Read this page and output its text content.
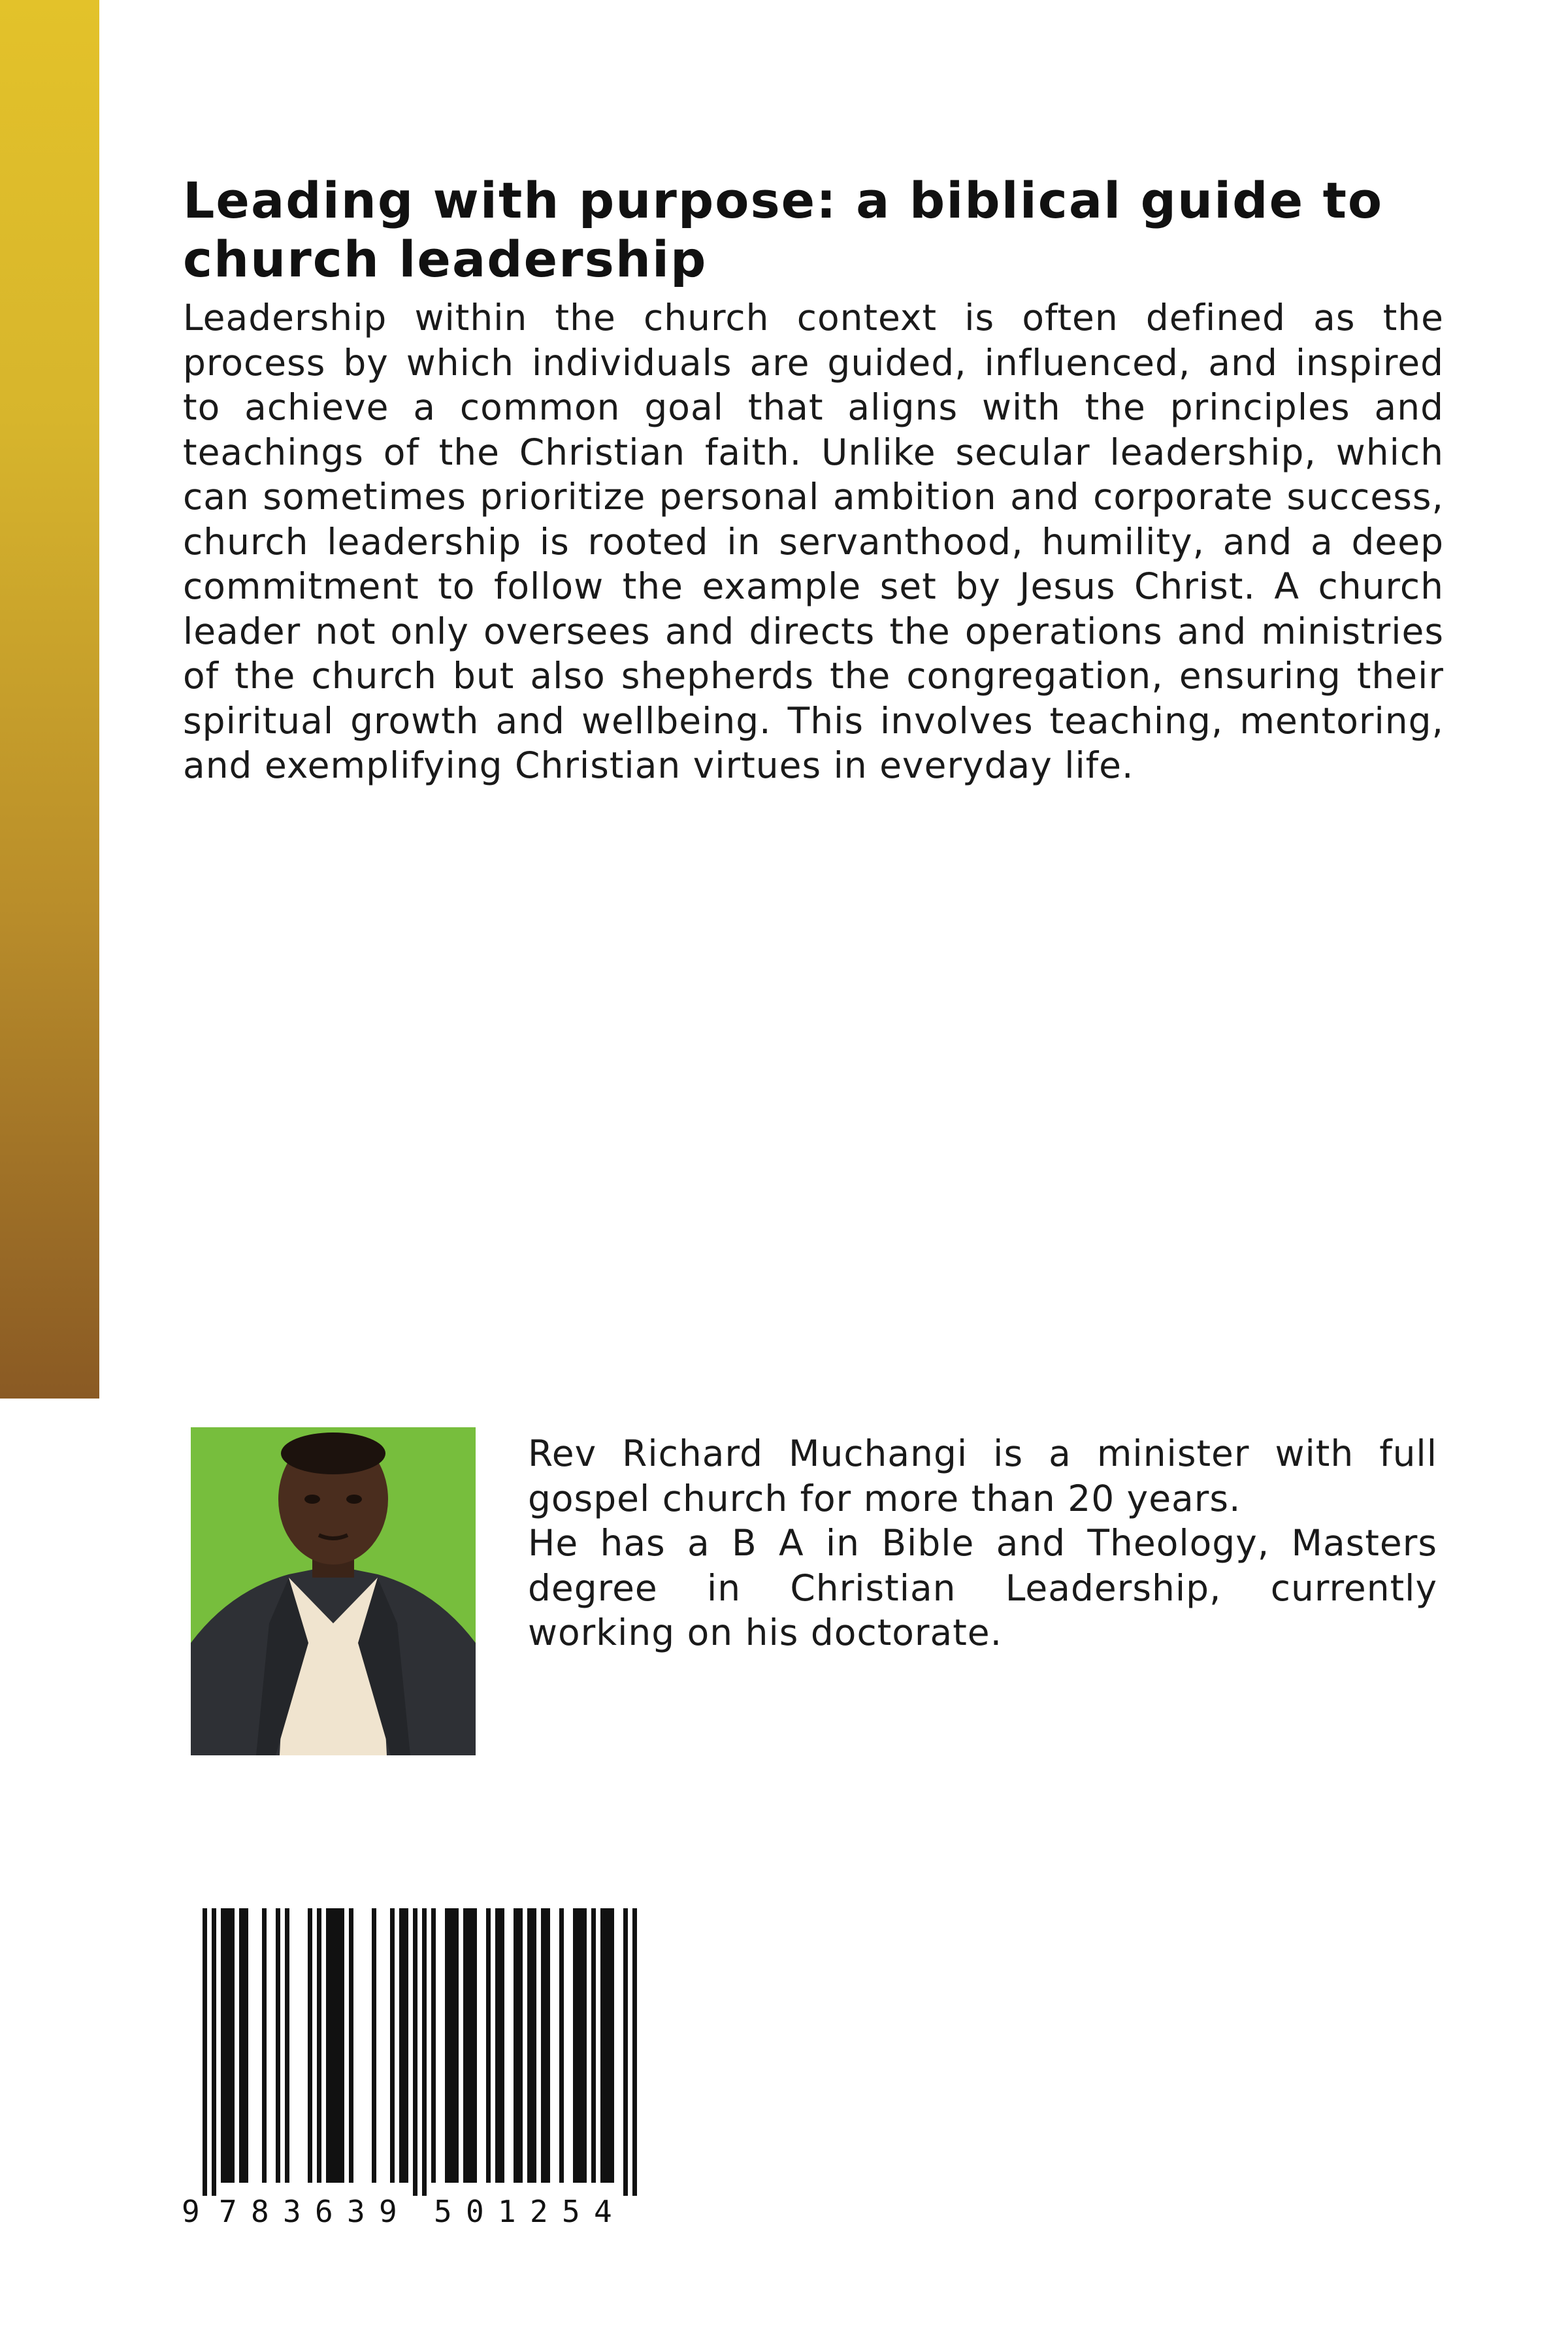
Leading with purpose: a biblical guide to church leadership

Leadership within the church context is often defined as the process by which individuals are guided, influenced, and inspired to achieve a common goal that aligns with the principles and teachings of the Christian faith. Unlike secular leadership, which can sometimes prioritize personal ambition and corporate success, church leadership is rooted in servanthood, humility, and a deep commitment to follow the example set by Jesus Christ. A church leader not only oversees and directs the operations and ministries of the church but also shepherds the congregation, ensuring their spiritual growth and wellbeing. This involves teaching, mentoring, and exemplifying Christian virtues in everyday life.

Rev Richard Muchangi is a minister with full gospel church for more than 20 years.

He has a B A in Bible and Theology, Masters degree in Christian Leadership, currently working on his doctorate.

9 7 8 3 6 3 9 5 0 1 2 5 4
